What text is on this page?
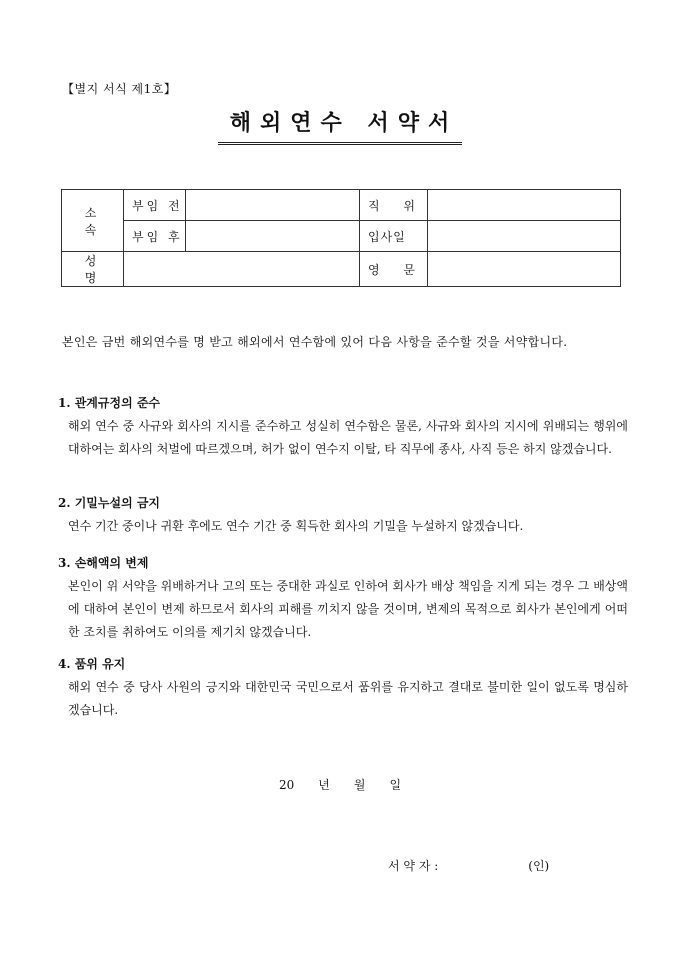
【별지 서식 제1호】
해외연수 서약서
소 속	부임 전		직 위	
	부임 후		입사일	
성 명			영 문	
본인은 금번 해외연수를 명 받고 해외에서 연수함에 있어 다음 사항을 준수할 것을 서약합니다.
1. 관계규정의 준수

해외 연수 중 사규와 회사의 지시를 준수하고 성실히 연수함은 물론, 사규와 회사의 지시에 위배되는 행위에 대하여는 회사의 처벌에 따르겠으며, 허가 없이 연수지 이탈, 타 직무에 종사, 사직 등은 하지 않겠습니다.

2. 기밀누설의 금지

연수 기간 중이나 귀환 후에도 연수 기간 중 획득한 회사의 기밀을 누설하지 않겠습니다.

3. 손해액의 변제

본인이 위 서약을 위배하거나 고의 또는 중대한 과실로 인하여 회사가 배상 책임을 지게 되는 경우 그 배상액에 대하여 본인이 변제 하므로서 회사의 피해를 끼치지 않을 것이며, 변제의 목적으로 회사가 본인에게 어떠한 조치를 취하여도 이의를 제기치 않겠습니다.

4. 품위 유지

해외 연수 중 당사 사원의 긍지와 대한민국 국민으로서 품위를 유지하고 결대로 불미한 일이 없도록 명심하겠습니다.

20 년 월 일
서 약 자 :	(인)
